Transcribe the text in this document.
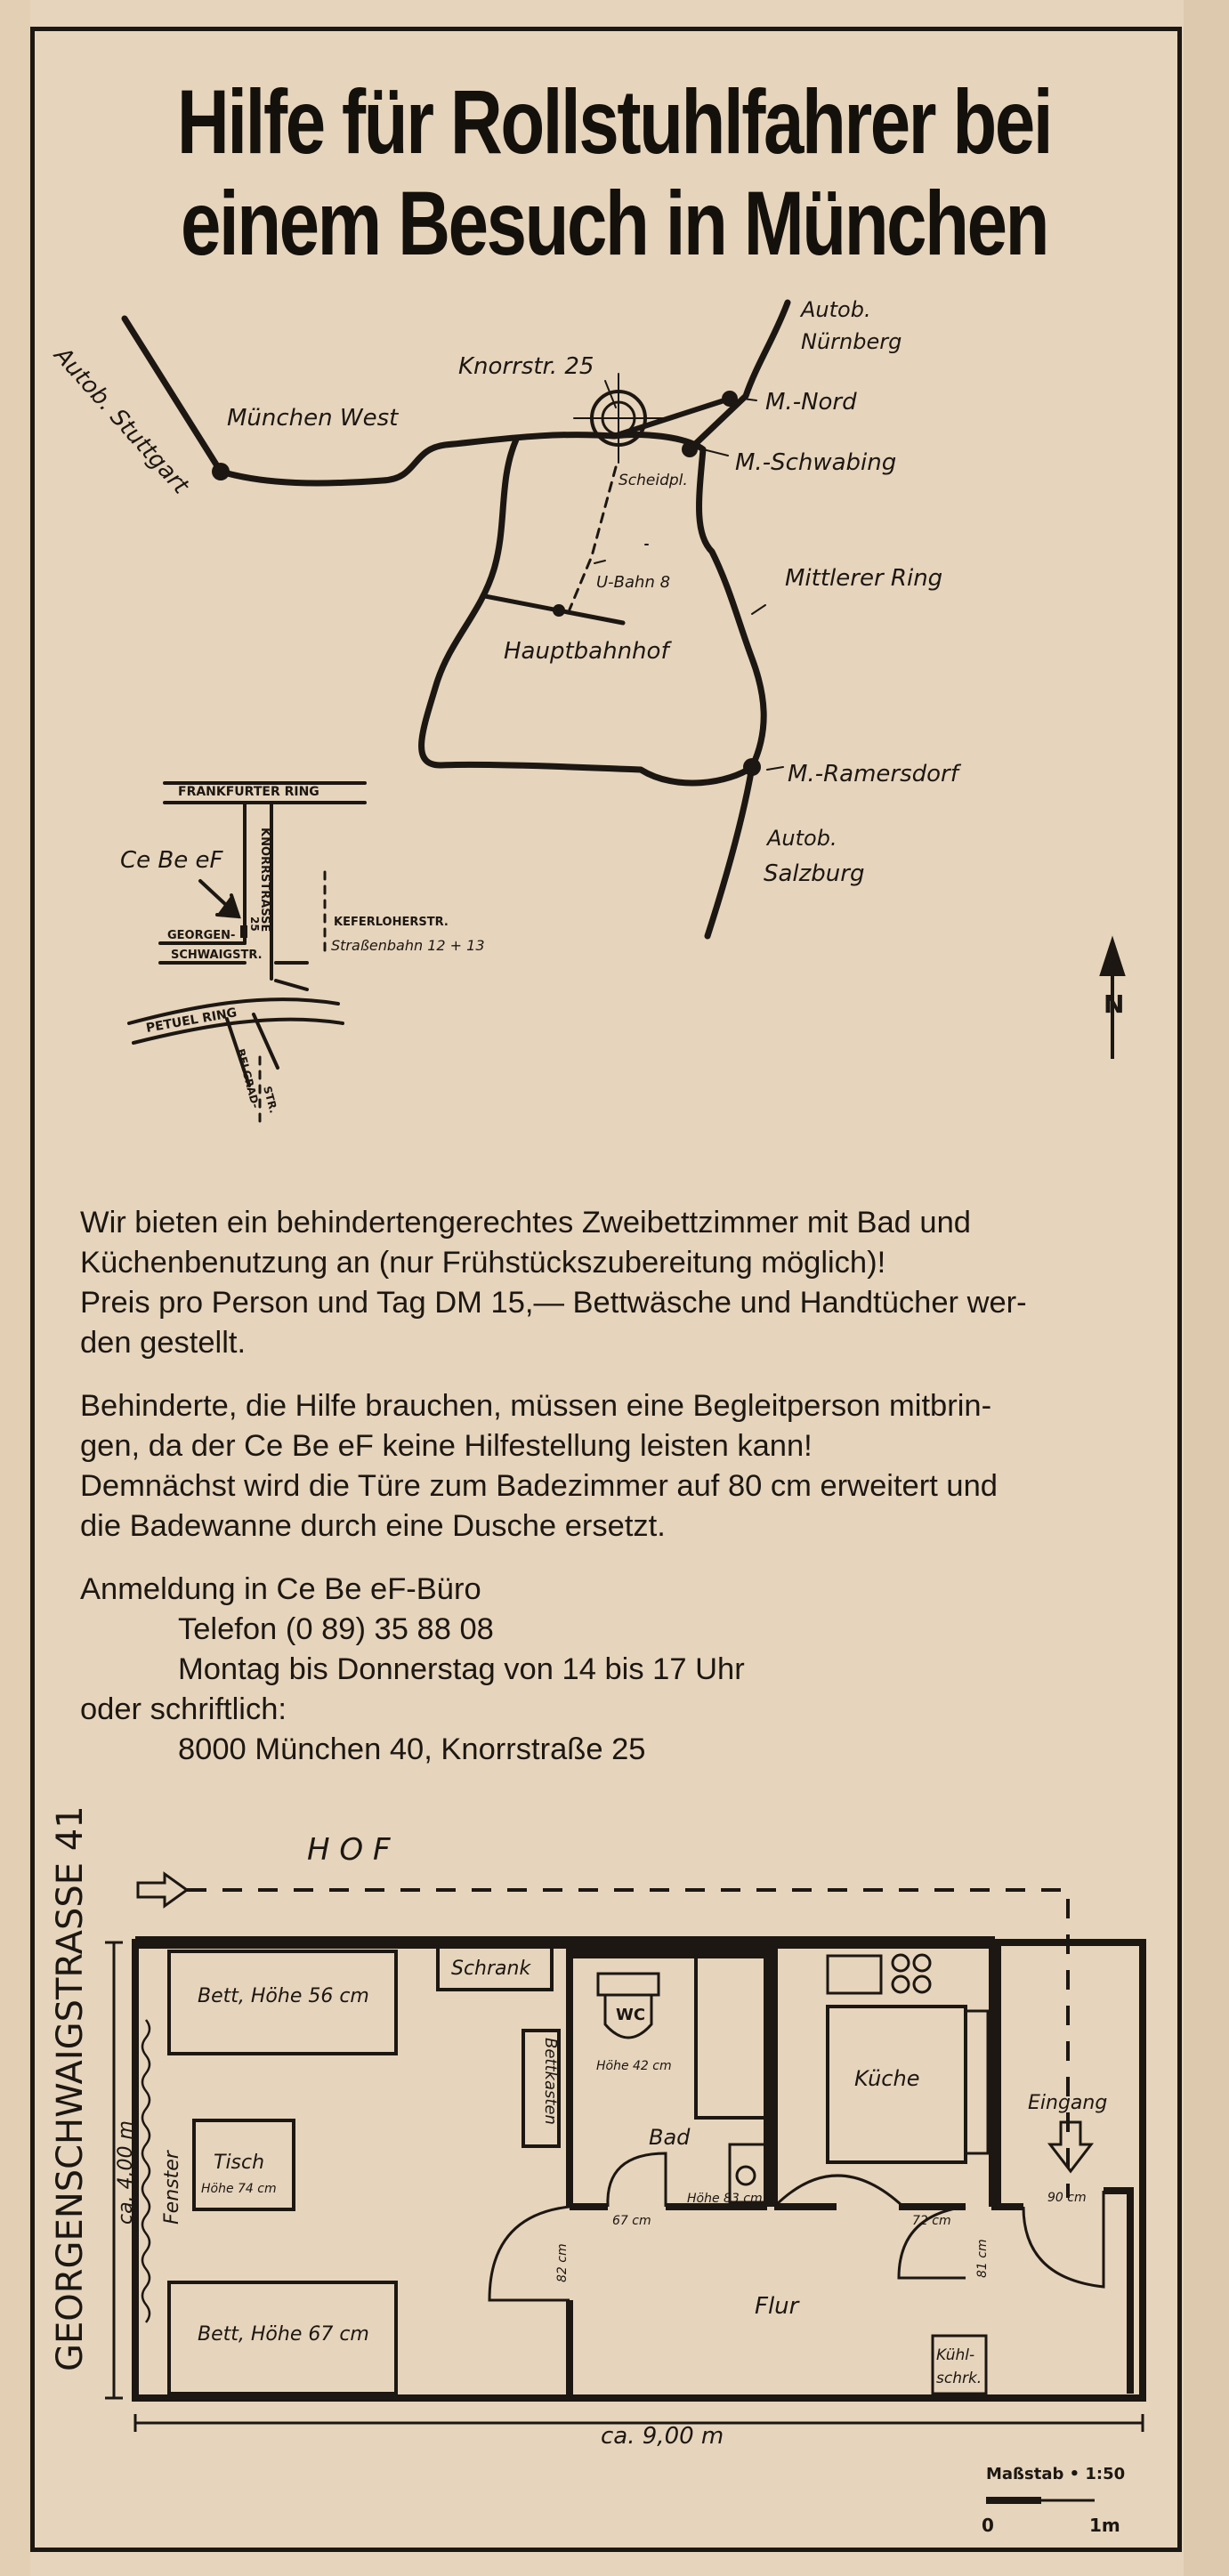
Hilfe für Rollstuhlfahrer bei
einem Besuch in München
Autob. Stuttgart München West
Knorrstr. 25
Autob.
Nürnberg
M.-Nord
M.-Schwabing
Scheidpl.
U-Bahn 8	Mittlerer Ring
Hauptbahnhof
M.-Ramersdorf
Autob.
Salzburg
N
FRANKFURTER RING
Ce Be eF	KNORRSTRASSE
25
GEORGEN-
SCHWAIGSTR.
KEFERLOHERSTR.
Straßenbahn 12 + 13
PETUEL RING
BELGRAD-
STR.
Wir bieten ein behindertengerechtes Zweibettzimmer mit Bad und
Küchenbenutzung an (nur Frühstückszubereitung möglich)!
Preis pro Person und Tag DM 15,— Bettwäsche und Handtücher wer-
den gestellt.
Behinderte, die Hilfe brauchen, müssen eine Begleitperson mitbrin-
gen, da der Ce Be eF keine Hilfestellung leisten kann!
Demnächst wird die Türe zum Badezimmer auf 80 cm erweitert und
die Badewanne durch eine Dusche ersetzt.
Anmeldung in Ce Be eF-Büro
Telefon (0 89) 35 88 08
Montag bis Donnerstag von 14 bis 17 Uhr
oder schriftlich:
8000 München 40, Knorrstraße 25
H O F
GEORGENSCHWAIGSTRASSE 41 ca. 4,00 m
ca. 9,00 m
Fenster
Bett, Höhe 56 cm
Bett, Höhe 67 cm
Tisch
Höhe 74 cm
Schrank
Bettkasten
WC
Höhe 42 cm
Bad
Höhe 83 cm
Küche
Eingang
Flur
Kühl-
schrk.
67 cm	72 cm
90 cm
82 cm	81 cm
Maßstab • 1:50
0	1m
